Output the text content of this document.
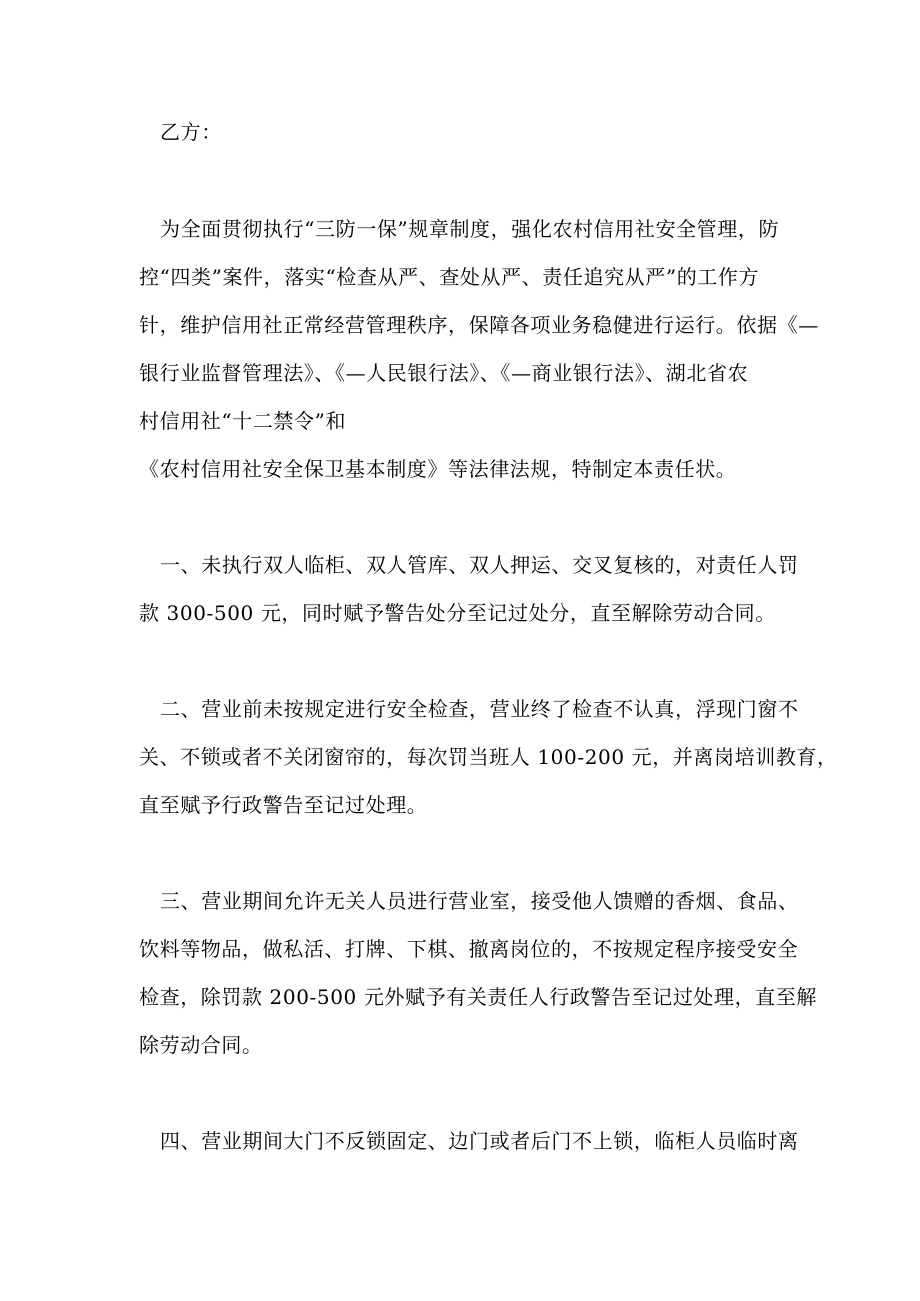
乙方：
为全面贯彻执行“三防一保”规章制度，强化农村信用社安全管理，防
控“四类”案件，落实“检查从严、查处从严、责任追究从严”的工作方
针，维护信用社正常经营管理秩序，保障各项业务稳健进行运行。依据《—
银行业监督管理法》、《—人民银行法》、《—商业银行法》、湖北省农
村信用社“十二禁令”和
《农村信用社安全保卫基本制度》等法律法规，特制定本责任状。
一、未执行双人临柜、双人管库、双人押运、交叉复核的，对责任人罚
款 300-500 元，同时赋予警告处分至记过处分，直至解除劳动合同。
二、营业前未按规定进行安全检查，营业终了检查不认真，浮现门窗不
关、不锁或者不关闭窗帘的，每次罚当班人 100-200 元，并离岗培训教育，
直至赋予行政警告至记过处理。
三、营业期间允许无关人员进行营业室，接受他人馈赠的香烟、食品、
饮料等物品，做私活、打牌、下棋、撤离岗位的，不按规定程序接受安全
检查，除罚款 200-500 元外赋予有关责任人行政警告至记过处理，直至解
除劳动合同。
四、营业期间大门不反锁固定、边门或者后门不上锁，临柜人员临时离
